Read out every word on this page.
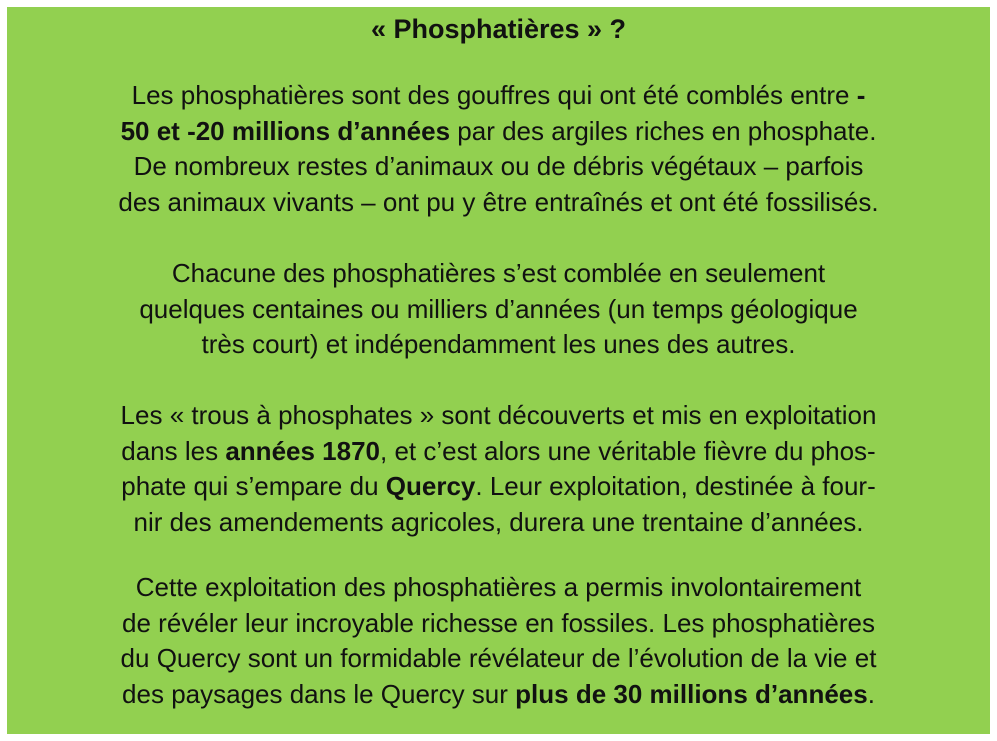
« Phosphatières » ?
Les phosphatières sont des gouffres qui ont été comblés entre -
50 et -20 millions d’années par des argiles riches en phosphate.
De nombreux restes d’animaux ou de débris végétaux – parfois
des animaux vivants – ont pu y être entraînés et ont été fossilisés.
Chacune des phosphatières s’est comblée en seulement
quelques centaines ou milliers d’années (un temps géologique
très court) et indépendamment les unes des autres.
Les « trous à phosphates » sont découverts et mis en exploitation
dans les années 1870, et c’est alors une véritable fièvre du phos-
phate qui s’empare du Quercy. Leur exploitation, destinée à four-
nir des amendements agricoles, durera une trentaine d’années.
Cette exploitation des phosphatières a permis involontairement
de révéler leur incroyable richesse en fossiles. Les phosphatières
du Quercy sont un formidable révélateur de l’évolution de la vie et
des paysages dans le Quercy sur plus de 30 millions d’années.
